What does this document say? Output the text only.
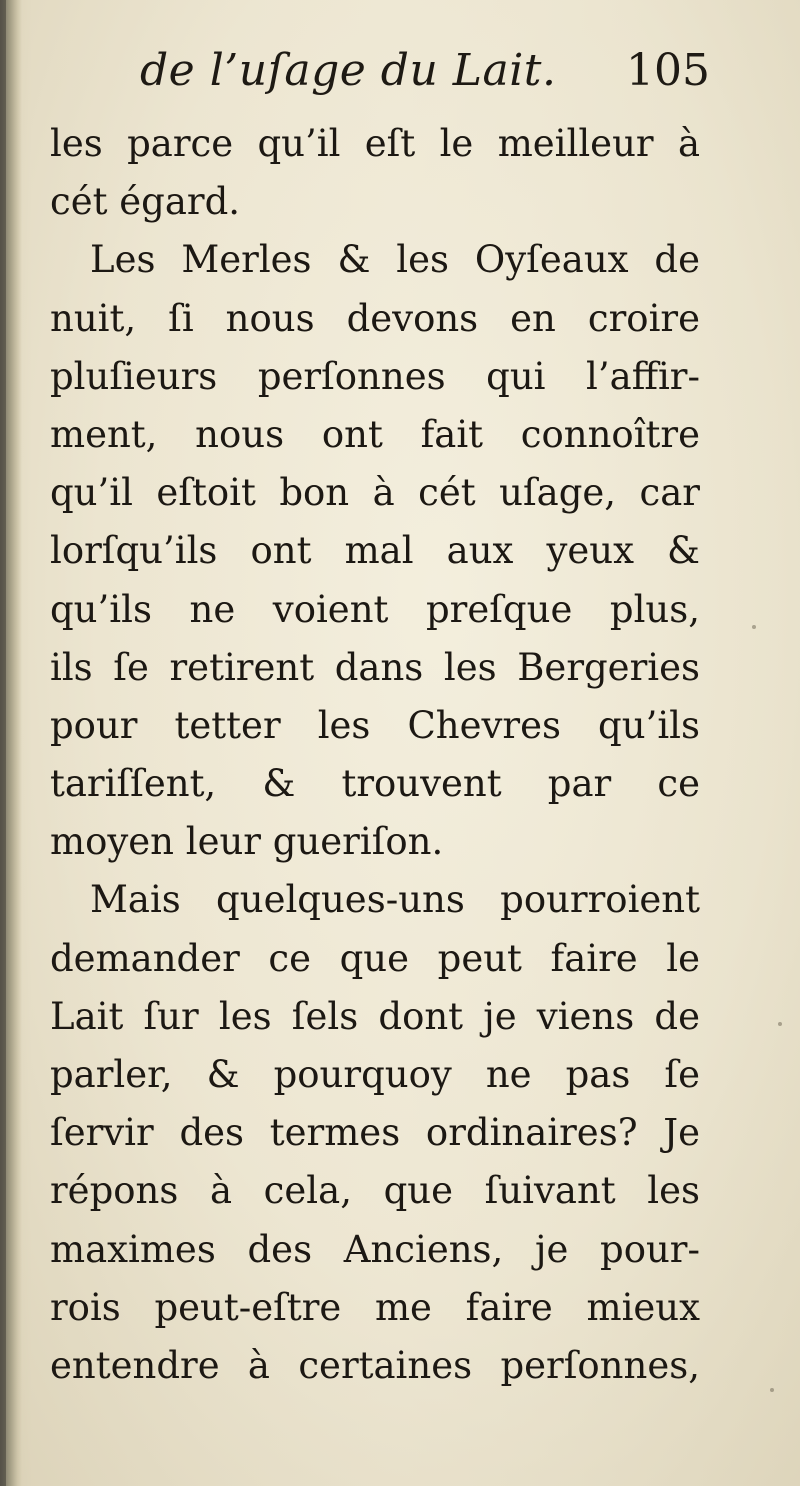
de l’uſage du Lait. 105
les parce qu’il eſt le meilleur à
cét égard.
Les Merles & les Oyſeaux de
nuit, ſi nous devons en croire
pluſieurs perſonnes qui l’affir-
ment, nous ont fait connoître
qu’il eſtoit bon à cét uſage, car
lorſqu’ils ont mal aux yeux &
qu’ils ne voient preſque plus,
ils ſe retirent dans les Bergeries
pour tetter les Chevres qu’ils
tariſſent, & trouvent par ce
moyen leur gueriſon.
Mais quelques-uns pourroient
demander ce que peut faire le
Lait ſur les ſels dont je viens de
parler, & pourquoy ne pas ſe
ſervir des termes ordinaires? Je
répons à cela, que ſuivant les
maximes des Anciens, je pour-
rois peut-eſtre me faire mieux
entendre à certaines perſonnes,
